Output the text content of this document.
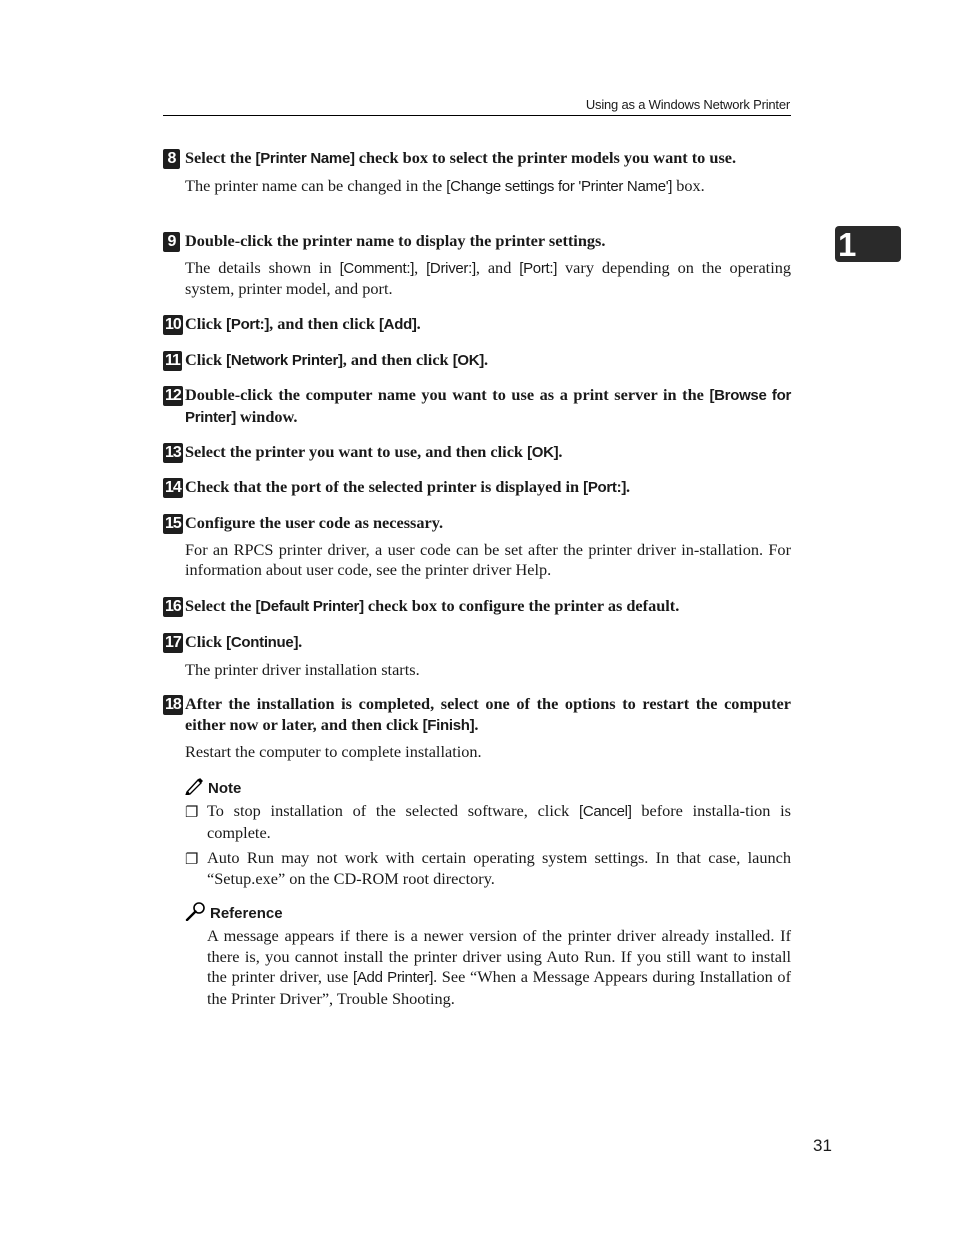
Using as a Windows Network Printer
1
8 Select the [Printer Name] check box to select the printer models you want to use.
The printer name can be changed in the [Change settings for 'Printer Name'] box.
9 Double-click the printer name to display the printer settings.
The details shown in [Comment:], [Driver:], and [Port:] vary depending on the operating system, printer model, and port.
10 Click [Port:], and then click [Add].
11 Click [Network Printer], and then click [OK].
12 Double-click the computer name you want to use as a print server in the [Browse for Printer] window.
13 Select the printer you want to use, and then click [OK].
14 Check that the port of the selected printer is displayed in [Port:].
15 Configure the user code as necessary.
For an RPCS printer driver, a user code can be set after the printer driver in-stallation. For information about user code, see the printer driver Help.
16 Select the [Default Printer] check box to configure the printer as default.
17 Click [Continue].
The printer driver installation starts.
18 After the installation is completed, select one of the options to restart the computer either now or later, and then click [Finish].
Restart the computer to complete installation.
Note
❐ To stop installation of the selected software, click [Cancel] before installa-tion is complete.
❐ Auto Run may not work with certain operating system settings. In that case, launch “Setup.exe” on the CD-ROM root directory.
Reference
A message appears if there is a newer version of the printer driver already installed. If there is, you cannot install the printer driver using Auto Run. If you still want to install the printer driver, use [Add Printer]. See “When a Message Appears during Installation of the Printer Driver”, Trouble Shooting.
31
